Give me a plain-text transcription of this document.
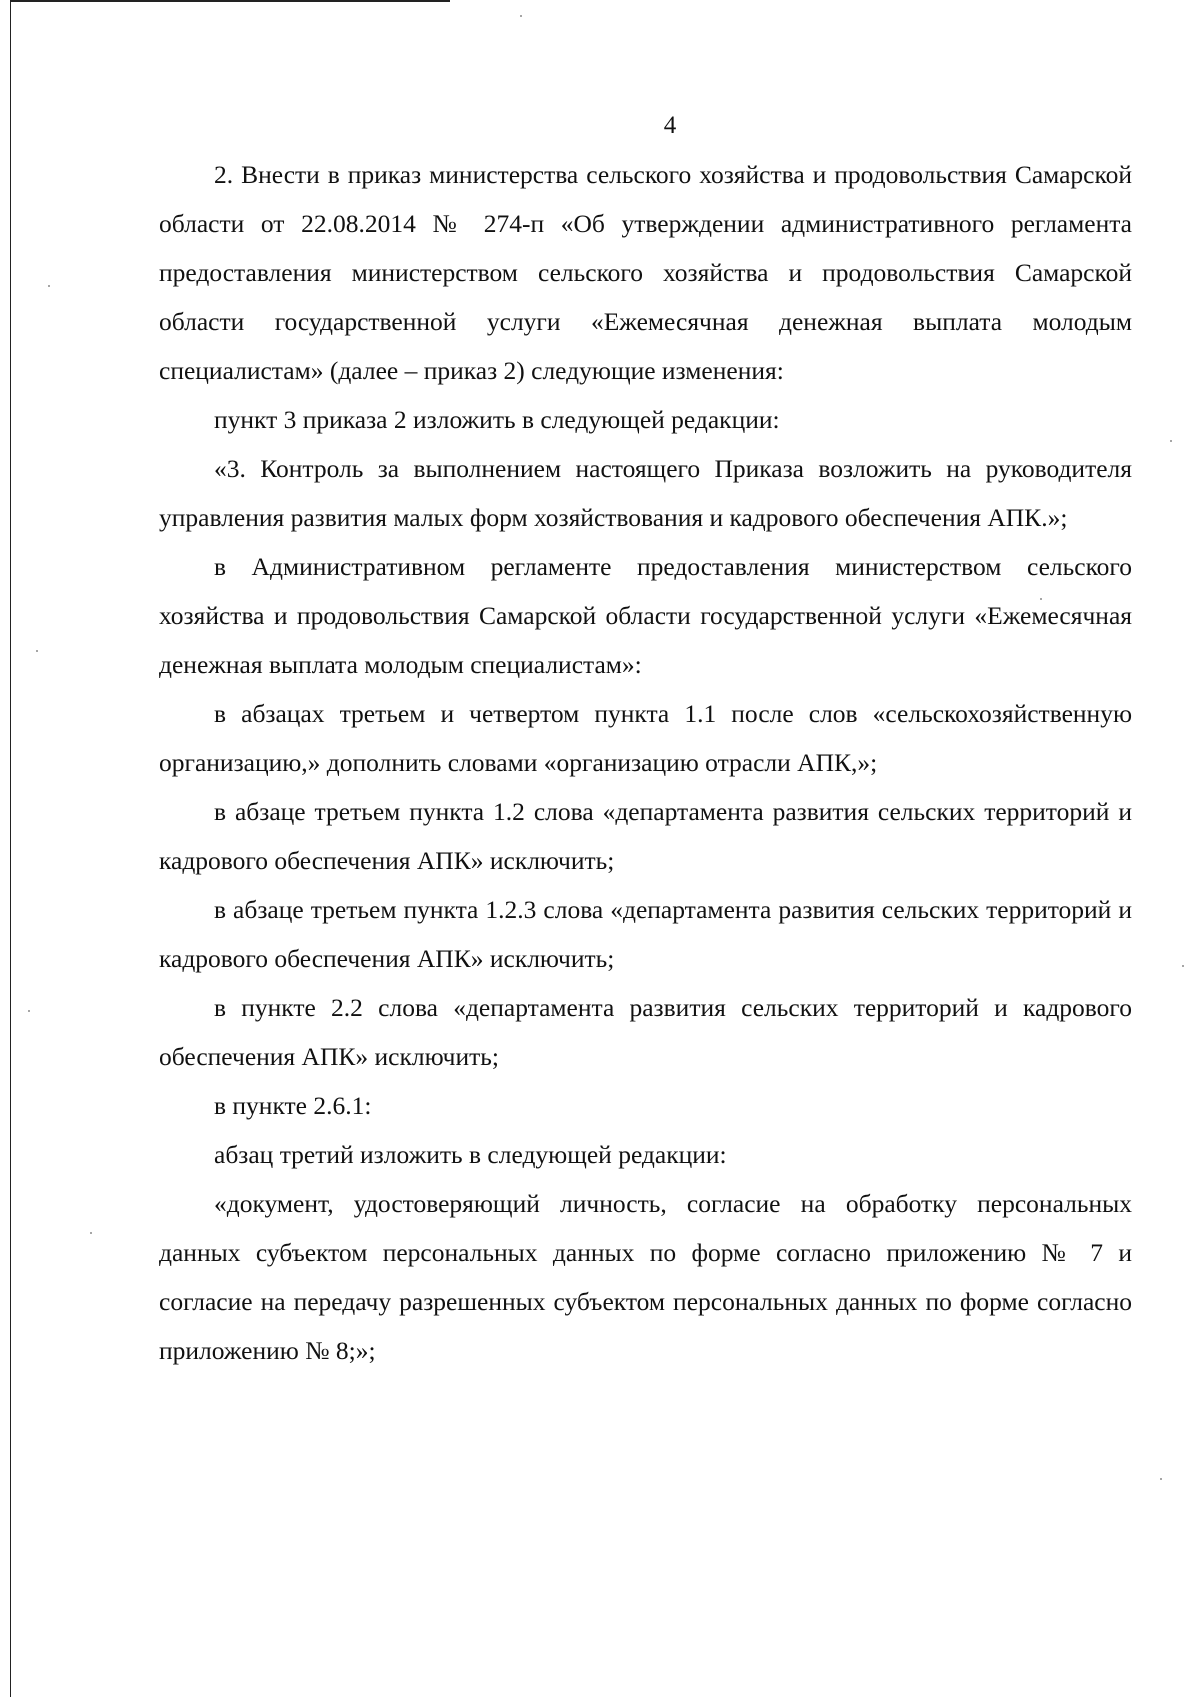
4

2. Внести в приказ министерства сельского хозяйства и продовольствия Самарской области от 22.08.2014 № 274-п «Об утверждении административного регламента предоставления министерством сельского хозяйства и продовольствия Самарской области государственной услуги «Ежемесячная денежная выплата молодым специалистам» (далее – приказ 2) следующие изменения:

пункт 3 приказа 2 изложить в следующей редакции:

«3. Контроль за выполнением настоящего Приказа возложить на руководителя управления развития малых форм хозяйствования и кадрового обеспечения АПК.»;

в Административном регламенте предоставления министерством сельского хозяйства и продовольствия Самарской области государственной услуги «Ежемесячная денежная выплата молодым специалистам»:

в абзацах третьем и четвертом пункта 1.1 после слов «сельскохозяйственную организацию,» дополнить словами «организацию отрасли АПК,»;

в абзаце третьем пункта 1.2 слова «департамента развития сельских территорий и кадрового обеспечения АПК» исключить;

в абзаце третьем пункта 1.2.3 слова «департамента развития сельских территорий и кадрового обеспечения АПК» исключить;

в пункте 2.2 слова «департамента развития сельских территорий и кадрового обеспечения АПК» исключить;

в пункте 2.6.1:

абзац третий изложить в следующей редакции:

«документ, удостоверяющий личность, согласие на обработку персональных данных субъектом персональных данных по форме согласно приложению № 7 и согласие на передачу разрешенных субъектом персональных данных по форме согласно приложению № 8;»;
